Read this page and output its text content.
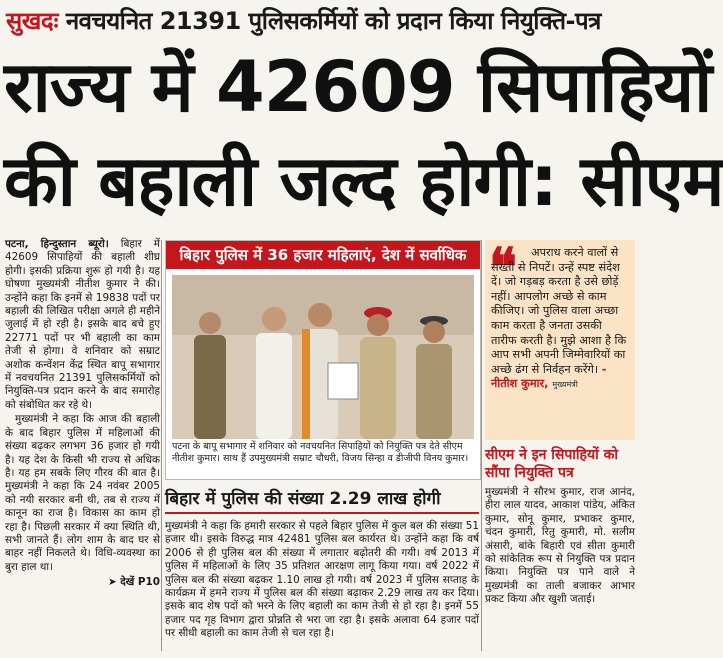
सुखदः नवचयनित 21391 पुलिसकर्मियों को प्रदान किया नियुक्ति-पत्र
राज्य में 42609 सिपाहियों
की बहाली जल्द होगी: सीएम

पटना, हिन्दुस्तान ब्यूरो। बिहार में 42609 सिपाहियों की बहाली शीघ्र होगी। इसकी प्रक्रिया शुरू हो गयी है। यह घोषणा मुख्यमंत्री नीतीश कुमार ने की। उन्होंने कहा कि इनमें से 19838 पदों पर बहाली की लिखित परीक्षा अगले ही महीने जुलाई में हो रही है। इसके बाद बचे हुए 22771 पदों पर भी बहाली का काम तेजी से होगा। वे शनिवार को सम्राट अशोक कन्वेंशन केंद्र स्थित बापू सभागार में नवचयनित 21391 पुलिसकर्मियों को नियुक्ति-पत्र प्रदान करने के बाद समारोह को संबोधित कर रहे थे।

मुख्यमंत्री ने कहा कि आज की बहाली के बाद बिहार पुलिस में महिलाओं की संख्या बढ़कर लगभग 36 हजार हो गयी है। यह देश के किसी भी राज्य से अधिक है। यह हम सबके लिए गौरव की बात है। मुख्यमंत्री ने कहा कि 24 नवंबर 2005 को नयी सरकार बनी थी, तब से राज्य में कानून का राज है। विकास का काम हो रहा है। पिछली सरकार में क्या स्थिति थी, सभी जानते हैं। लोग शाम के बाद घर से बाहर नहीं निकलते थे। विधि-व्यवस्था का बुरा हाल था।

➤ देखें P10
बिहार पुलिस में 36 हजार महिलाएं, देश में सर्वाधिक
पटना के बापू सभागार में शनिवार को नवचयनित सिपाहियों को नियुक्ति पत्र देते सीएम नीतीश कुमार। साथ हैं उपमुख्यमंत्री सम्राट चौधरी, विजय सिन्हा व डीजीपी विनय कुमार।
बिहार में पुलिस की संख्या 2.29 लाख होगी
मुख्यमंत्री ने कहा कि हमारी सरकार से पहले बिहार पुलिस में कुल बल की संख्या 51 हजार थी। इसके विरुद्ध मात्र 42481 पुलिस बल कार्यरत थे। उन्होंने कहा कि वर्ष 2006 से ही पुलिस बल की संख्या में लगातार बढ़ोतरी की गयी। वर्ष 2013 में पुलिस में महिलाओं के लिए 35 प्रतिशत आरक्षण लागू किया गया। वर्ष 2022 में पुलिस बल की संख्या बढ़कर 1.10 लाख हो गयी। वर्ष 2023 में पुलिस सप्ताह के कार्यक्रम में हमने राज्य में पुलिस बल की संख्या बढ़ाकर 2.29 लाख तय कर दिया। इसके बाद शेष पदों को भरने के लिए बहाली का काम तेजी से हो रहा है। इनमें 55 हजार पद गृह विभाग द्वारा प्रोन्नति से भरा जा रहा है। इसके अलावा 64 हजार पदों पर सीधी बहाली का काम तेजी से चल रहा है।
❝	अपराध करने वालों से सख्ती से निपटें। उन्हें स्पष्ट संदेश दें। जो गड़बड़ करता है उसे छोड़ें नहीं। आपलोग अच्छे से काम कीजिए। जो पुलिस वाला अच्छा काम करता है जनता उसकी तारीफ करती है। मुझे आशा है कि आप सभी अपनी जिम्मेवारियों का अच्छे ढंग से निर्वहन करेंगे। - नीतीश कुमार, मुख्यमंत्री
सीएम ने इन सिपाहियों को सौंपा नियुक्ति पत्र
मुख्यमंत्री ने सौरभ कुमार, राज आनंद, हीरा लाल यादव, आकाश पांडेय, अंकित कुमार, सोनू कुमार, प्रभाकर कुमार, चंदन कुमारी, रितु कुमारी, मो. सलीम अंसारी, बांके बिहारी एवं सीता कुमारी को सांकेतिक रूप से नियुक्ति पत्र प्रदान किया। नियुक्ति पत्र पाने वाले ने मुख्यमंत्री का ताली बजाकर आभार प्रकट किया और खुशी जताई।
